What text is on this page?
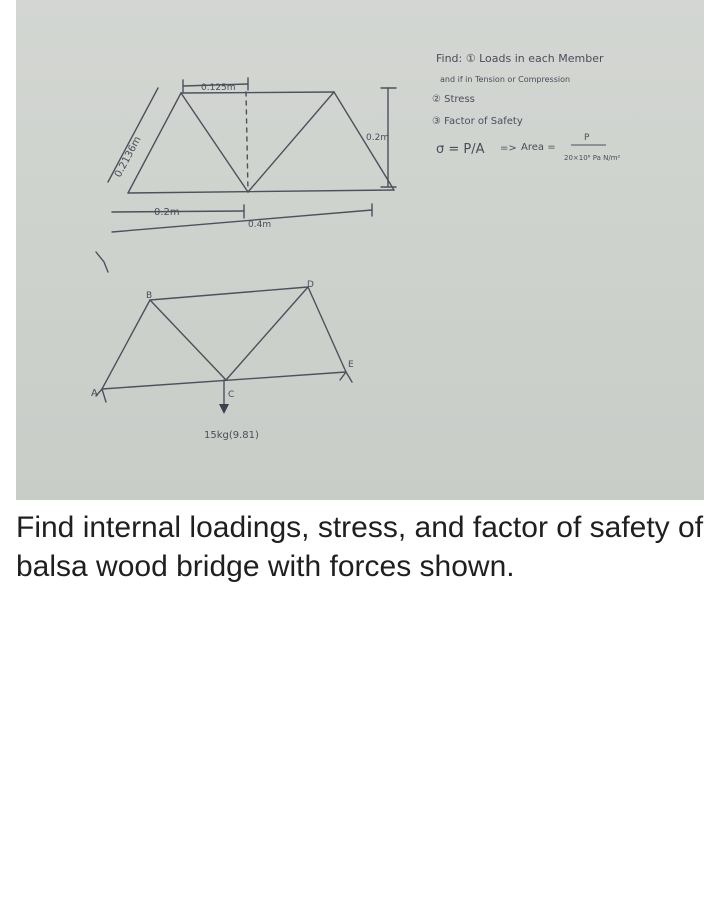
0.125m
0.2m
0.2136m
0.2m
0.4m
Find: ① Loads in each Member
and if in Tension or Compression
② Stress
③ Factor of Safety
σ = P/A => Area =
P
20×10⁶ Pa N/m²
A
B
C
D
E
15kg(9.81)

Find internal loadings, stress, and factor of safety of balsa wood bridge with forces shown.
